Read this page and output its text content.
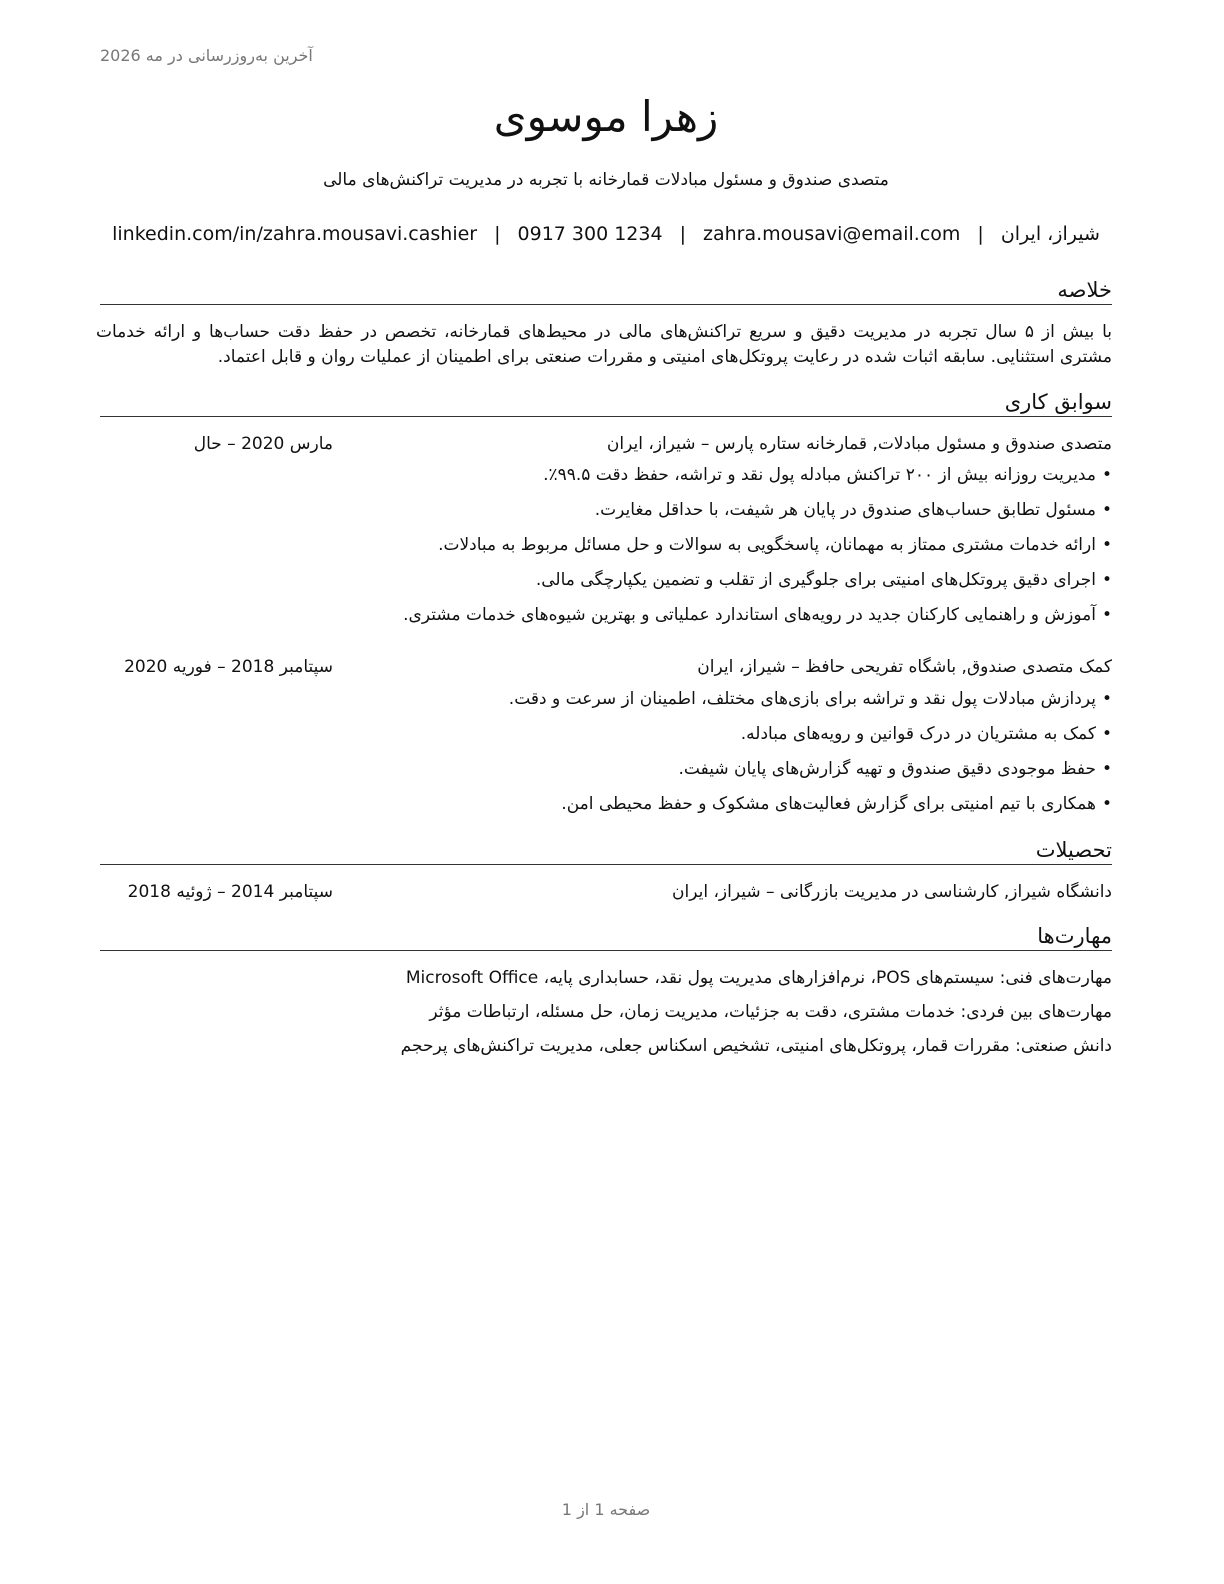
آخرین به‌روزرسانی در مه 2026
زهرا موسوی
متصدی صندوق و مسئول مبادلات قمارخانه با تجربه در مدیریت تراکنش‌های مالی
شیراز، ایران|zahra.mousavi@email.com|0917 300 1234|linkedin.com/in/zahra.mousavi.cashier
خلاصه
با بیش از ۵ سال تجربه در مدیریت دقیق و سریع تراکنش‌های مالی در محیط‌های قمارخانه، تخصص در حفظ دقت حساب‌ها و ارائه خدمات مشتری استثنایی. سابقه اثبات شده در رعایت پروتکل‌های امنیتی و مقررات صنعتی برای اطمینان از عملیات روان و قابل اعتماد.
سوابق کاری
متصدی صندوق و مسئول مبادلات, قمارخانه ستاره پارس – شیراز، ایران
مارس 2020 – حال
•مدیریت روزانه بیش از ۲۰۰ تراکنش مبادله پول نقد و تراشه، حفظ دقت ۹۹.۵٪.
•مسئول تطابق حساب‌های صندوق در پایان هر شیفت، با حداقل مغایرت.
•ارائه خدمات مشتری ممتاز به مهمانان، پاسخگویی به سوالات و حل مسائل مربوط به مبادلات.
•اجرای دقیق پروتکل‌های امنیتی برای جلوگیری از تقلب و تضمین یکپارچگی مالی.
•آموزش و راهنمایی کارکنان جدید در رویه‌های استاندارد عملیاتی و بهترین شیوه‌های خدمات مشتری.
کمک متصدی صندوق, باشگاه تفریحی حافظ – شیراز، ایران
سپتامبر 2018 – فوریه 2020
•پردازش مبادلات پول نقد و تراشه برای بازی‌های مختلف، اطمینان از سرعت و دقت.
•کمک به مشتریان در درک قوانین و رویه‌های مبادله.
•حفظ موجودی دقیق صندوق و تهیه گزارش‌های پایان شیفت.
•همکاری با تیم امنیتی برای گزارش فعالیت‌های مشکوک و حفظ محیطی امن.
تحصیلات
دانشگاه شیراز, کارشناسی در مدیریت بازرگانی – شیراز، ایران
سپتامبر 2014 – ژوئیه 2018
مهارت‌ها
مهارت‌های فنی: سیستم‌های POS، نرم‌افزارهای مدیریت پول نقد، حسابداری پایه، Microsoft Office
مهارت‌های بین فردی: خدمات مشتری، دقت به جزئیات، مدیریت زمان، حل مسئله، ارتباطات مؤثر
دانش صنعتی: مقررات قمار، پروتکل‌های امنیتی، تشخیص اسکناس جعلی، مدیریت تراکنش‌های پرحجم
صفحه 1 از 1
